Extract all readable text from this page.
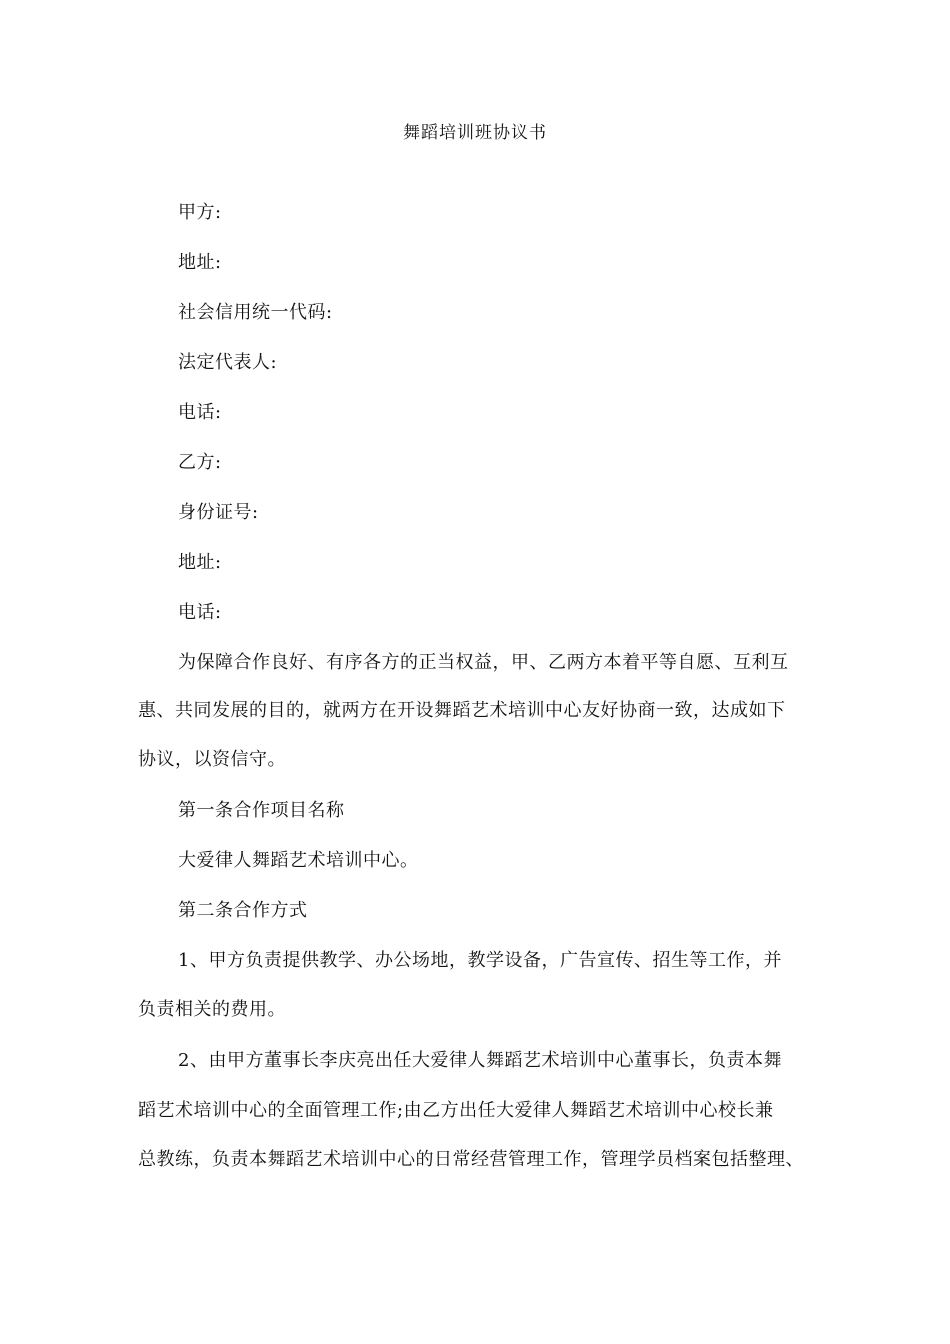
舞蹈培训班协议书
甲方:
地址:
社会信用统一代码:
法定代表人:
电话:
乙方:
身份证号:
地址:
电话:
为保障合作良好、有序各方的正当权益，甲、乙两方本着平等自愿、互利互
惠、共同发展的目的，就两方在开设舞蹈艺术培训中心友好协商一致，达成如下
协议，以资信守。
第一条合作项目名称
大爱律人舞蹈艺术培训中心。
第二条合作方式
1、甲方负责提供教学、办公场地，教学设备，广告宣传、招生等工作，并
负责相关的费用。
2、由甲方董事长李庆亮出任大爱律人舞蹈艺术培训中心董事长，负责本舞
蹈艺术培训中心的全面管理工作;由乙方出任大爱律人舞蹈艺术培训中心校长兼
总教练，负责本舞蹈艺术培训中心的日常经营管理工作，管理学员档案包括整理、
